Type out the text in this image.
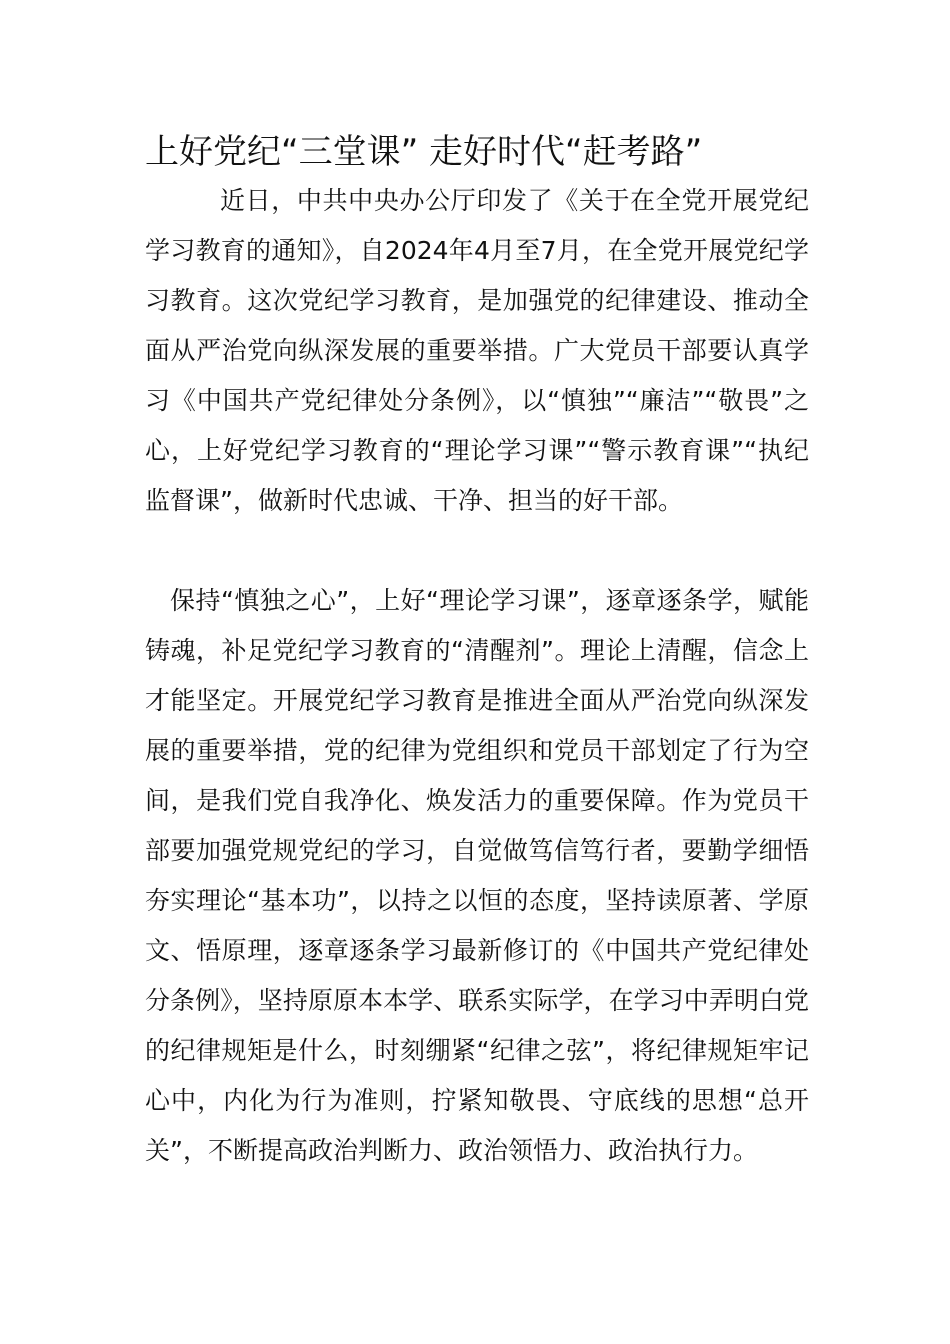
上好党纪“三堂课” 走好时代“赶考路”

近日，中共中央办公厅印发了《关于在全党开展党纪学习教育的通知》，自2024年4月至7月，在全党开展党纪学习教育。这次党纪学习教育，是加强党的纪律建设、推动全面从严治党向纵深发展的重要举措。广大党员干部要认真学习《中国共产党纪律处分条例》，以“慎独”“廉洁”“敬畏”之心，上好党纪学习教育的“理论学习课”“警示教育课”“执纪监督课”，做新时代忠诚、干净、担当的好干部。

保持“慎独之心”，上好“理论学习课”，逐章逐条学，赋能铸魂，补足党纪学习教育的“清醒剂”。理论上清醒，信念上才能坚定。开展党纪学习教育是推进全面从严治党向纵深发展的重要举措，党的纪律为党组织和党员干部划定了行为空间，是我们党自我净化、焕发活力的重要保障。作为党员干部要加强党规党纪的学习，自觉做笃信笃行者，要勤学细悟夯实理论“基本功”，以持之以恒的态度，坚持读原著、学原文、悟原理，逐章逐条学习最新修订的《中国共产党纪律处分条例》，坚持原原本本学、联系实际学，在学习中弄明白党的纪律规矩是什么，时刻绷紧“纪律之弦”，将纪律规矩牢记心中，内化为行为准则，拧紧知敬畏、守底线的思想“总开关”，不断提高政治判断力、政治领悟力、政治执行力。
